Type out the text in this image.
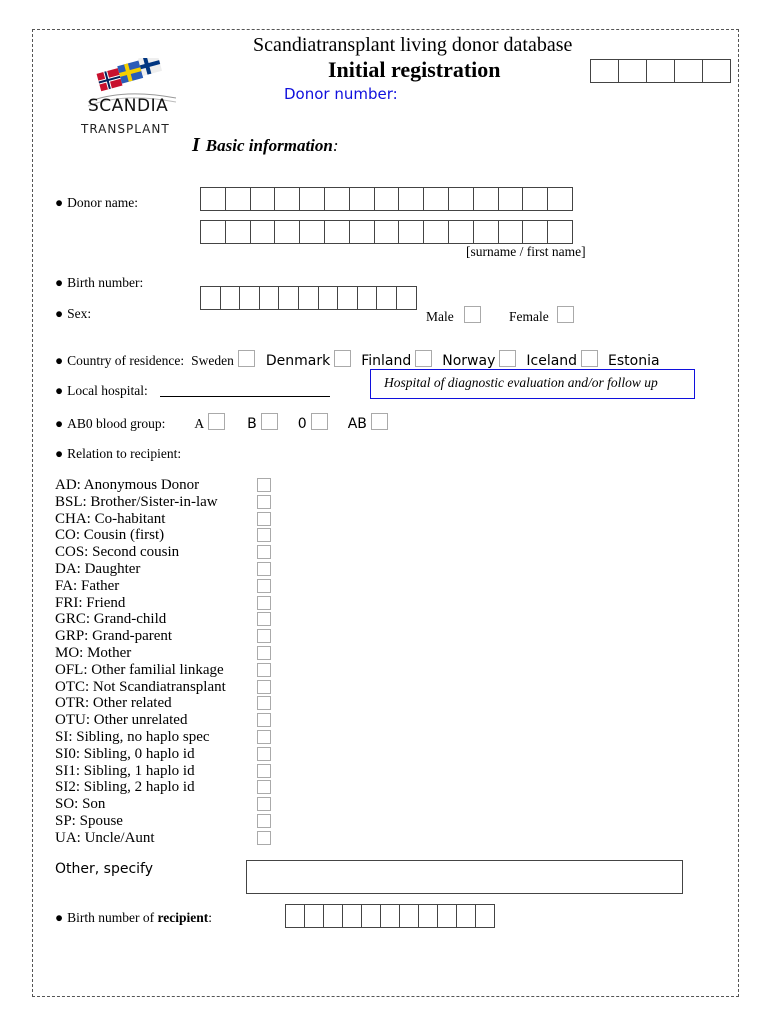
SCANDIA
TRANSPLANT
Scandiatransplant living donor database
Initial registration
Donor number:
I Basic information:
● Donor name:
[surname / first name]
● Birth number:
● Sex:	Male	Female
● Country of residence: Sweden Denmark Finland Norway Iceland Estonia
● Local hospital:
Hospital of diagnostic evaluation and/or follow up
● AB0 blood group: A	B	0	AB
● Relation to recipient:
AD: Anonymous Donor
BSL: Brother/Sister-in-law
CHA: Co-habitant
CO: Cousin (first)
COS: Second cousin
DA: Daughter
FA: Father
FRI: Friend
GRC: Grand-child
GRP: Grand-parent
MO: Mother
OFL: Other familial linkage
OTC: Not Scandiatransplant
OTR: Other related
OTU: Other unrelated
SI: Sibling, no haplo spec
SI0: Sibling, 0 haplo id
SI1: Sibling, 1 haplo id
SI2: Sibling, 2 haplo id
SO: Son
SP: Spouse
UA: Uncle/Aunt
Other, specify
● Birth number of recipient:
